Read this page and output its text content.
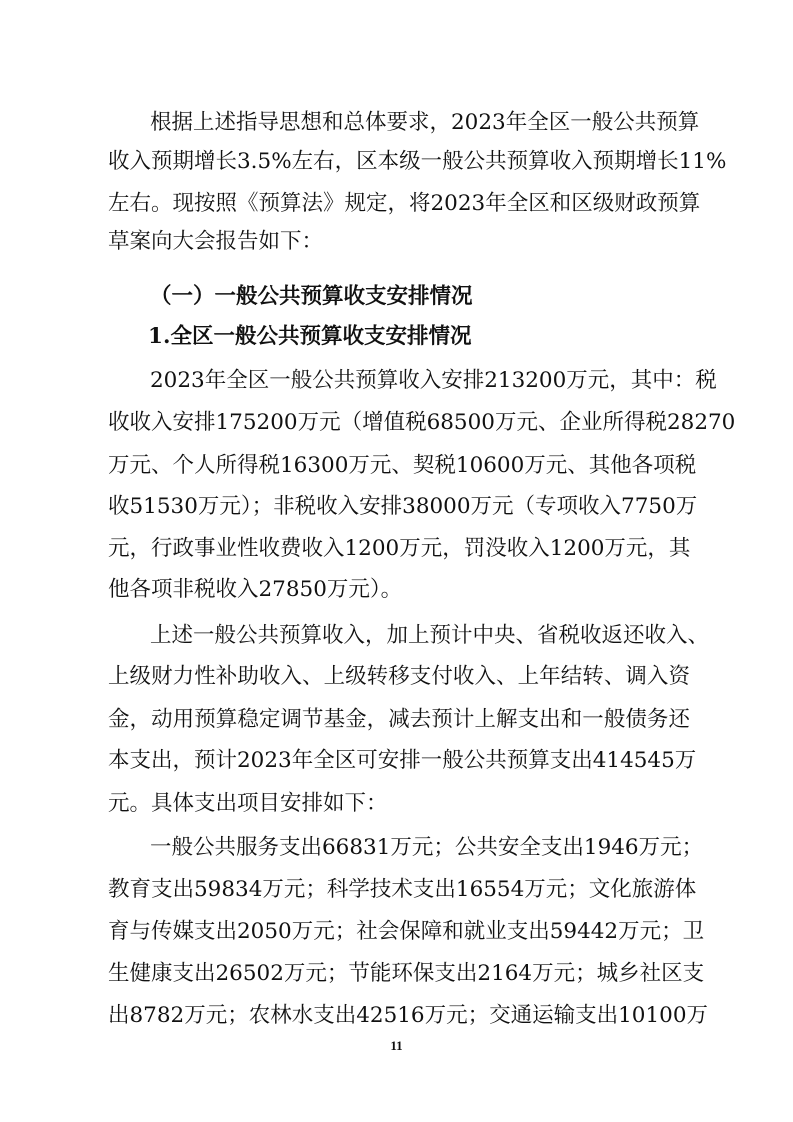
根据上述指导思想和总体要求，2023年全区一般公共预算
收入预期增长3.5%左右，区本级一般公共预算收入预期增长11%
左右。现按照《预算法》规定，将2023年全区和区级财政预算
草案向大会报告如下：
（一）一般公共预算收支安排情况
1.全区一般公共预算收支安排情况
2023年全区一般公共预算收入安排213200万元，其中：税
收收入安排175200万元（增值税68500万元、企业所得税28270
万元、个人所得税16300万元、契税10600万元、其他各项税
收51530万元）；非税收入安排38000万元（专项收入7750万
元，行政事业性收费收入1200万元，罚没收入1200万元，其
他各项非税收入27850万元）。
上述一般公共预算收入，加上预计中央、省税收返还收入、
上级财力性补助收入、上级转移支付收入、上年结转、调入资
金，动用预算稳定调节基金，减去预计上解支出和一般债务还
本支出，预计2023年全区可安排一般公共预算支出414545万
元。具体支出项目安排如下：
一般公共服务支出66831万元；公共安全支出1946万元；
教育支出59834万元；科学技术支出16554万元；文化旅游体
育与传媒支出2050万元；社会保障和就业支出59442万元；卫
生健康支出26502万元；节能环保支出2164万元；城乡社区支
出8782万元；农林水支出42516万元；交通运输支出10100万
11
